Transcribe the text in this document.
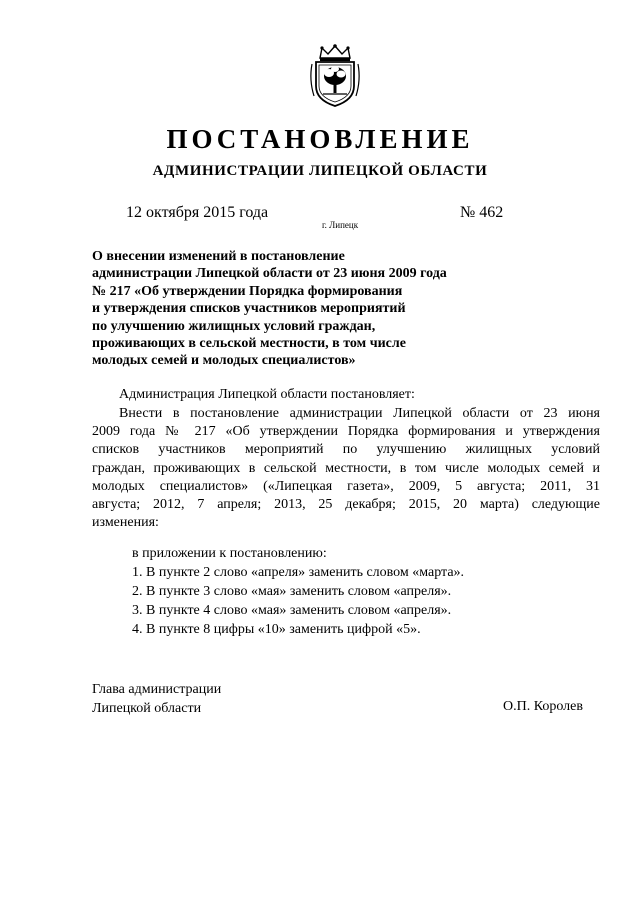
ПОСТАНОВЛЕНИЕ
АДМИНИСТРАЦИИ ЛИПЕЦКОЙ ОБЛАСТИ
12 октября 2015 года
г. Липецк
№ 462
О внесении изменений в постановление
администрации Липецкой области от 23 июня 2009 года
№ 217 «Об утверждении Порядка формирования
и утверждения списков участников мероприятий
по улучшению жилищных условий граждан,
проживающих в сельской местности, в том числе
молодых семей и молодых специалистов»
Администрация Липецкой области постановляет:
Внести в постановление администрации Липецкой области от 23 июня
2009 года № 217 «Об утверждении Порядка формирования и утверждения
списков участников мероприятий по улучшению жилищных условий
граждан, проживающих в сельской местности, в том числе молодых семей и
молодых специалистов» («Липецкая газета», 2009, 5 августа; 2011, 31
августа; 2012, 7 апреля; 2013, 25 декабря; 2015, 20 марта) следующие
изменения:
в приложении к постановлению:
1. В пункте 2 слово «апреля» заменить словом «марта».
2. В пункте 3 слово «мая» заменить словом «апреля».
3. В пункте 4 слово «мая» заменить словом «апреля».
4. В пункте 8 цифры «10» заменить цифрой «5».
Глава администрации
Липецкой области	О.П. Королев
